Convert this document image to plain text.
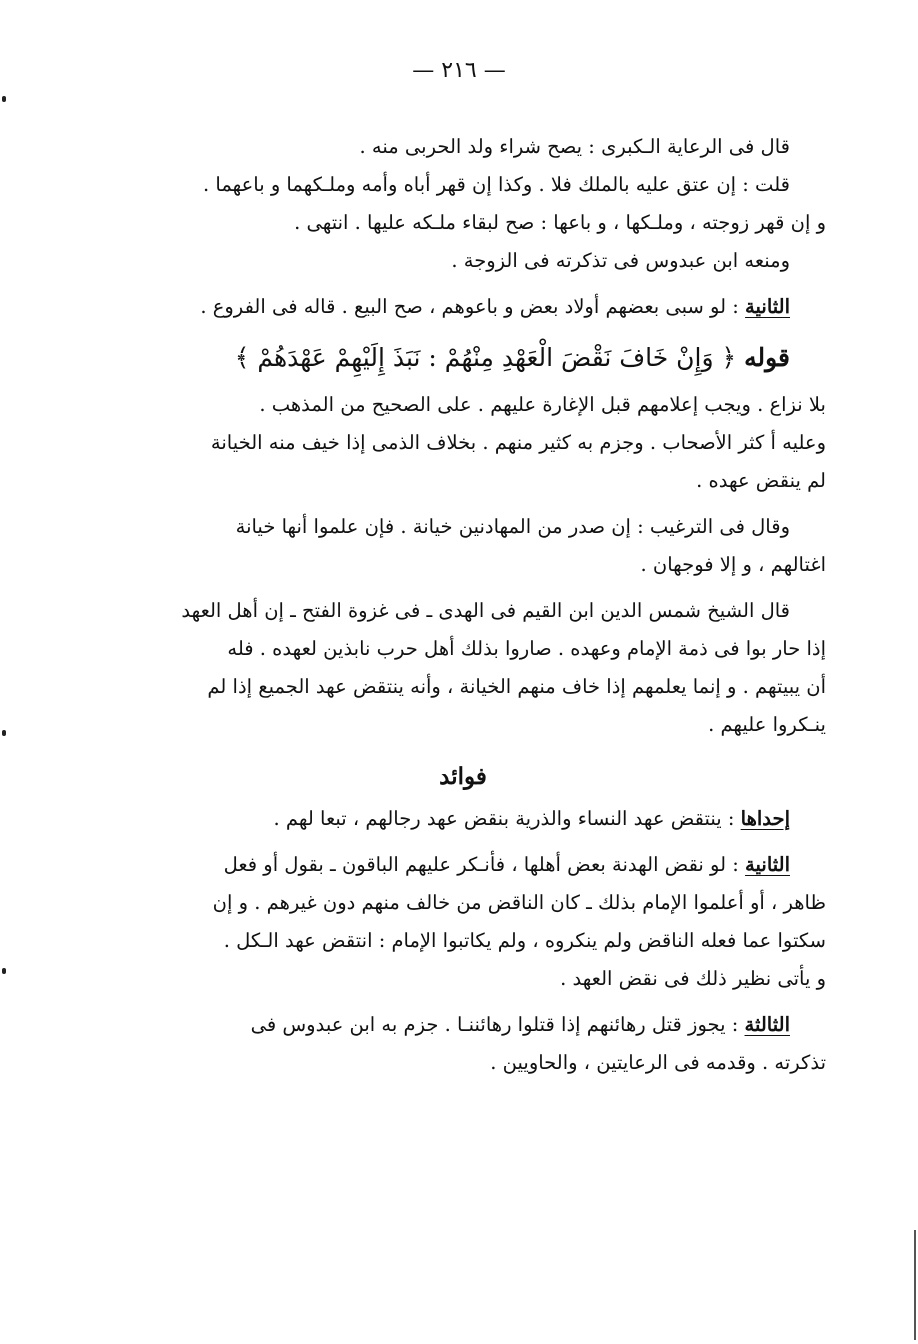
— ٢١٦ —
قال فى الرعاية الـكبرى : يصح شراء ولد الحربى منه .
قلت : إن عتق عليه بالملك فلا . وكذا إن قهر أباه وأمه وملـكهما و باعهما .
و إن قهر زوجته ، وملـكها ، و باعها : صح لبقاء ملـكه عليها . انتهى .
ومنعه ابن عبدوس فى تذكرته فى الزوجة .
الثانية : لو سبى بعضهم أولاد بعض و باعوهم ، صح البيع . قاله فى الفروع .
قوله ﴿ وَإِنْ خَافَ نَقْضَ الْعَهْدِ مِنْهُمْ : نَبَذَ إِلَيْهِمْ عَهْدَهُمْ ﴾
بلا نزاع . ويجب إعلامهم قبل الإغارة عليهم . على الصحيح من المذهب .
وعليه أ كثر الأصحاب . وجزم به كثير منهم . بخلاف الذمى إذا خيف منه الخيانة
لم ينقض عهده .
وقال فى الترغيب : إن صدر من المهادنين خيانة . فإن علموا أنها خيانة
اغتالهم ، و إلا فوجهان .
قال الشيخ شمس الدين ابن القيم فى الهدى ـ فى غزوة الفتح ـ إن أهل العهد
إذا حار بوا فى ذمة الإمام وعهده . صاروا بذلك أهل حرب نابذين لعهده . فله
أن يبيتهم . و إنما يعلمهم إذا خاف منهم الخيانة ، وأنه ينتقض عهد الجميع إذا لم
ينـكروا عليهم .
فوائد
إحداها : ينتقض عهد النساء والذرية بنقض عهد رجالهم ، تبعا لهم .
الثانية : لو نقض الهدنة بعض أهلها ، فأنـكر عليهم الباقون ـ بقول أو فعل
ظاهر ، أو أعلموا الإمام بذلك ـ كان الناقض من خالف منهم دون غيرهم . و إن
سكتوا عما فعله الناقض ولم ينكروه ، ولم يكاتبوا الإمام : انتقض عهد الـكل .
و يأتى نظير ذلك فى نقض العهد .
الثالثة : يجوز قتل رهائنهم إذا قتلوا رهائننـا . جزم به ابن عبدوس فى
تذكرته . وقدمه فى الرعايتين ، والحاويين .
